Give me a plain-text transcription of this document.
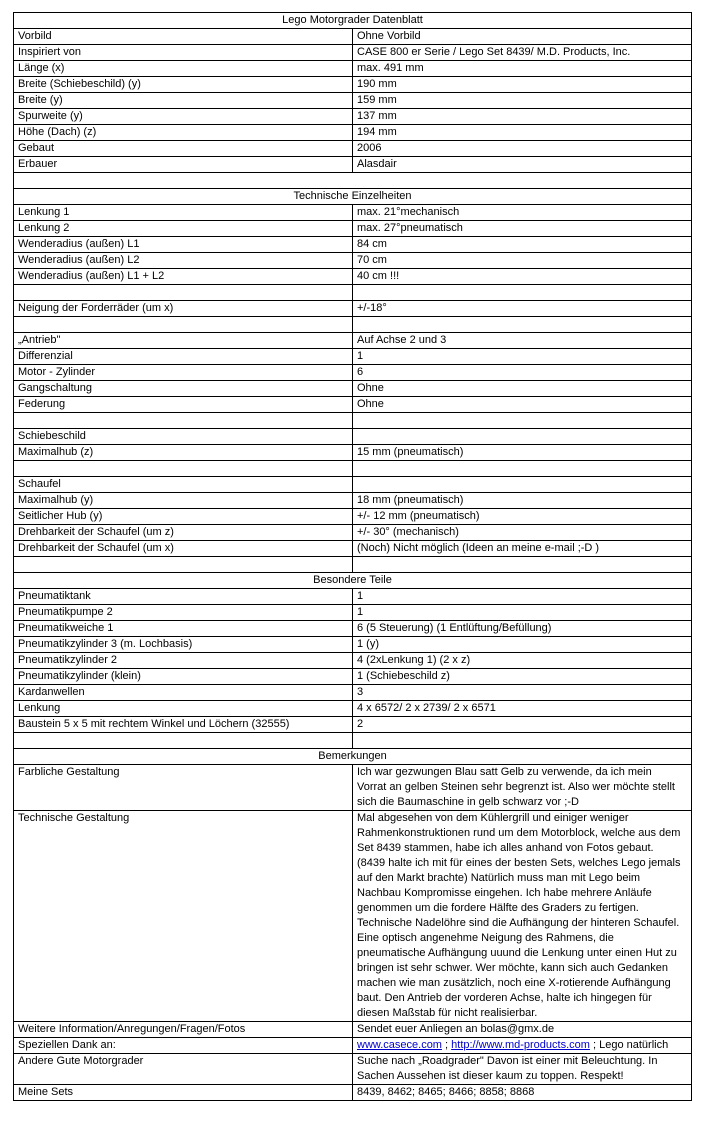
Lego Motorgrader Datenblatt	
Vorbild	Ohne Vorbild
Inspiriert von	CASE 800 er Serie / Lego Set 8439/ M.D. Products, Inc.
Länge (x)	max. 491 mm
Breite (Schiebeschild) (y)	190 mm
Breite (y)	159 mm
Spurweite (y)	137 mm
Höhe (Dach) (z)	194 mm
Gebaut	2006
Erbauer	Alasdair

Technische Einzelheiten	
Lenkung 1	max. 21°mechanisch
Lenkung 2	max. 27°pneumatisch
Wenderadius (außen) L1	84 cm
Wenderadius (außen) L2	70 cm
Wenderadius (außen) L1 + L2	40 cm !!!

Neigung der Forderräder (um x)	+/-18°

„Antrieb"	Auf Achse 2 und 3
Differenzial	1
Motor - Zylinder	6
Gangschaltung	Ohne
Federung	Ohne

Schiebeschild	
Maximalhub (z)	15 mm (pneumatisch)

Schaufel	
Maximalhub (y)	18 mm (pneumatisch)
Seitlicher Hub (y)	+/- 12 mm (pneumatisch)
Drehbarkeit der Schaufel (um z)	+/- 30° (mechanisch)
Drehbarkeit der Schaufel (um x)	(Noch) Nicht möglich (Ideen an meine e-mail ;-D )

Besondere Teile	
Pneumatiktank	1
Pneumatikpumpe 2	1
Pneumatikweiche 1	6 (5 Steuerung) (1 Entlüftung/Befüllung)
Pneumatikzylinder 3 (m. Lochbasis)	1 (y)
Pneumatikzylinder 2	4 (2xLenkung 1) (2 x z)
Pneumatikzylinder (klein)	1 (Schiebeschild z)
Kardanwellen	3
Lenkung	4 x 6572/ 2 x 2739/ 2 x 6571
Baustein 5 x 5 mit rechtem Winkel und Löchern (32555)	2

Bemerkungen	
Farbliche Gestaltung	Ich war gezwungen Blau satt Gelb zu verwende, da ich mein Vorrat an gelben Steinen sehr begrenzt ist. Also wer möchte stellt sich die Baumaschine in gelb schwarz vor ;-D
Technische Gestaltung	Mal abgesehen von dem Kühlergrill und einiger weniger Rahmenkonstruktionen rund um dem Motorblock, welche aus dem Set 8439 stammen, habe ich alles anhand von Fotos gebaut. (8439 halte ich mit für eines der besten Sets, welches Lego jemals auf den Markt brachte) Natürlich muss man mit Lego beim Nachbau Kompromisse eingehen. Ich habe mehrere Anläufe genommen um die fordere Hälfte des Graders zu fertigen. Technische Nadelöhre sind die Aufhängung der hinteren Schaufel. Eine optisch angenehme Neigung des Rahmens, die pneumatische Aufhängung uuund die Lenkung unter einen Hut zu bringen ist sehr schwer. Wer möchte, kann sich auch Gedanken machen wie man zusätzlich, noch eine X-rotierende Aufhängung baut. Den Antrieb der vorderen Achse, halte ich hingegen für diesen Maßstab für nicht realisierbar.
Weitere Information/Anregungen/Fragen/Fotos	Sendet euer Anliegen an bolas@gmx.de
Speziellen Dank an:	www.casece.com ; http://www.md-products.com ; Lego natürlich
Andere Gute Motorgrader	Suche nach „Roadgrader" Davon ist einer mit Beleuchtung. In Sachen Aussehen ist dieser kaum zu toppen. Respekt!
Meine Sets	8439, 8462; 8465; 8466; 8858; 8868
